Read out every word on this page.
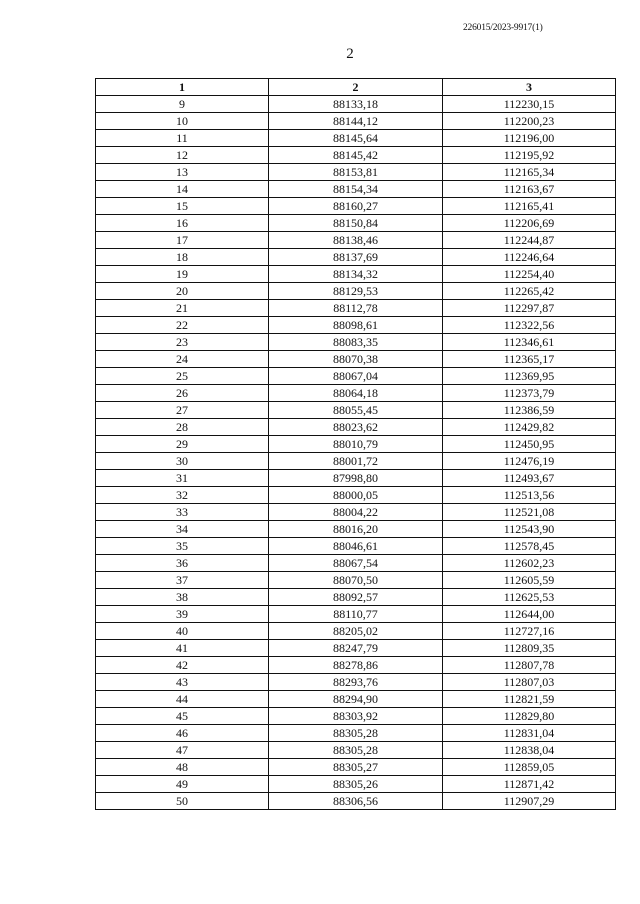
226015/2023-9917(1)
2
1	2	3
9	88133,18	112230,15
10	88144,12	112200,23
11	88145,64	112196,00
12	88145,42	112195,92
13	88153,81	112165,34
14	88154,34	112163,67
15	88160,27	112165,41
16	88150,84	112206,69
17	88138,46	112244,87
18	88137,69	112246,64
19	88134,32	112254,40
20	88129,53	112265,42
21	88112,78	112297,87
22	88098,61	112322,56
23	88083,35	112346,61
24	88070,38	112365,17
25	88067,04	112369,95
26	88064,18	112373,79
27	88055,45	112386,59
28	88023,62	112429,82
29	88010,79	112450,95
30	88001,72	112476,19
31	87998,80	112493,67
32	88000,05	112513,56
33	88004,22	112521,08
34	88016,20	112543,90
35	88046,61	112578,45
36	88067,54	112602,23
37	88070,50	112605,59
38	88092,57	112625,53
39	88110,77	112644,00
40	88205,02	112727,16
41	88247,79	112809,35
42	88278,86	112807,78
43	88293,76	112807,03
44	88294,90	112821,59
45	88303,92	112829,80
46	88305,28	112831,04
47	88305,28	112838,04
48	88305,27	112859,05
49	88305,26	112871,42
50	88306,56	112907,29
